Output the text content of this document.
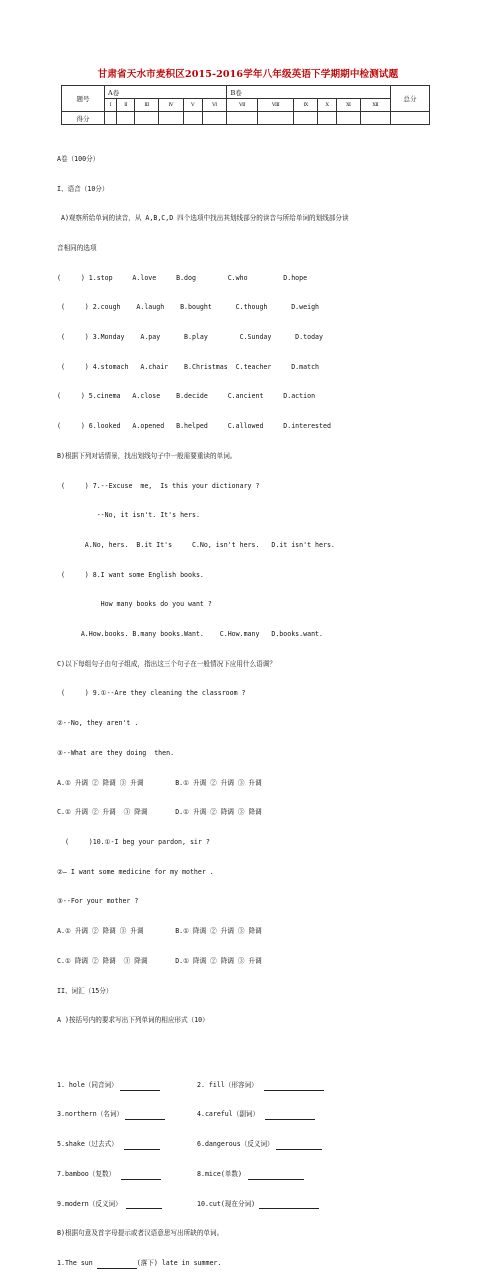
甘肃省天水市麦积区2015-2016学年八年级英语下学期期中检测试题
题号	A卷						B卷						总分
	Ⅰ	Ⅱ	Ⅲ	Ⅳ	Ⅴ	Ⅵ	Ⅶ	Ⅷ	Ⅸ	Ⅹ	Ⅺ	Ⅻ	
得分													

A卷（100分）

I、语音（10分）

A)观察所给单词的读音，从 A,B,C,D 四个选项中找出其划线部分的读音与所给单词的划线部分读

音相同的选项

(     ) 1.stop     A.love     B.dog        C.who         D.hope

(     ) 2.cough    A.laugh    B.bought      C.though      D.weigh

(     ) 3.Monday    A.pay      B.play        C.Sunday      D.today

(     ) 4.stomach   A.chair    B.Christmas  C.teacher     D.match

(     ) 5.cinema   A.close    B.decide     C.ancient     D.action

(     ) 6.looked   A.opened   B.helped     C.allowed     D.interested

B)根据下列对话情景，找出划线句子中一般需要重读的单词。

(     ) 7.--Excuse  me,  Is this your dictionary ?

--No, it isn't. It's hers.

A.No, hers.  B.it It's     C.No, isn't hers.   D.it isn't hers.

(     ) 8.I want some English books.

How many books do you want ?

A.How.books. B.many books.Want.    C.How.many   D.books.want.

C)以下每组句子由句子组成，指出这三个句子在一般情况下应用什么语调？

(     ) 9.①--Are they cleaning the classroom ?

②--No, they aren't .

③--What are they doing  then.

A.① 升调 ② 降调 ③ 升调        B.① 升调 ② 升调 ③ 升调

C.① 升调 ② 升调  ③ 降调       D.① 升调 ② 降调 ③ 降调

(     )10.①-I beg your pardon, sir ?

②— I want some medicine for my mother .

③--For your mother ?

A.① 升调 ② 降调 ③ 升调        B.① 降调 ② 升调 ③ 降调

C.① 降调 ② 降调  ③ 降调       D.① 降调 ② 降调 ③ 升调

II、词汇（15分）

A )按括号内的要求写出下列单词的相应形式（10）

1. hole（同音词）	2. fill（形容词）

3.northern（名词）	4.careful（副词）

5.shake（过去式）	6.dangerous（反义词）

7.bamboo（复数）	8.mice(单数)

9.modern（反义词）	10.cut(现在分词)

B)根据句意及首字母提示或者汉语意思写出所缺的单词。

1.The sun	(落下) late in summer.
